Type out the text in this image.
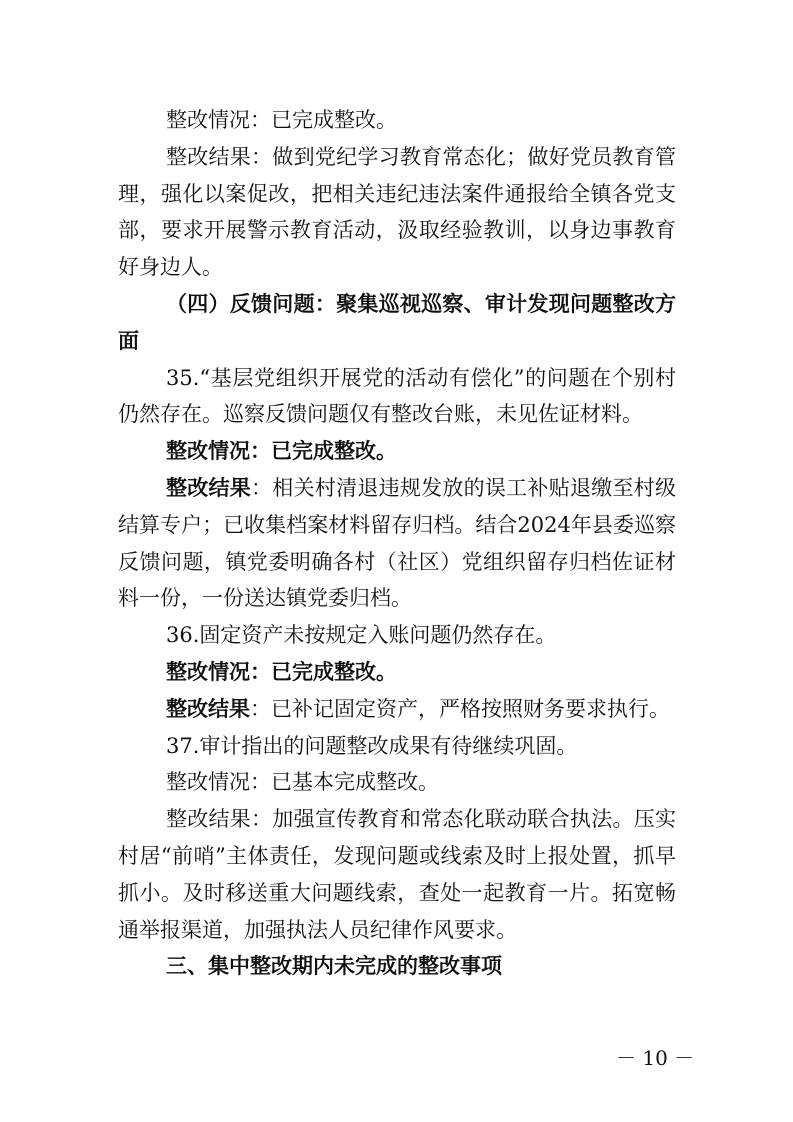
整改情况：已完成整改。

整改结果：做到党纪学习教育常态化；做好党员教育管理，强化以案促改，把相关违纪违法案件通报给全镇各党支部，要求开展警示教育活动，汲取经验教训，以身边事教育好身边人。

（四）反馈问题：聚集巡视巡察、审计发现问题整改方面

35.“基层党组织开展党的活动有偿化”的问题在个别村仍然存在。巡察反馈问题仅有整改台账，未见佐证材料。

整改情况：已完成整改。

整改结果：相关村清退违规发放的误工补贴退缴至村级结算专户；已收集档案材料留存归档。结合2024年县委巡察反馈问题，镇党委明确各村（社区）党组织留存归档佐证材料一份，一份送达镇党委归档。

36.固定资产未按规定入账问题仍然存在。

整改情况：已完成整改。

整改结果：已补记固定资产，严格按照财务要求执行。

37.审计指出的问题整改成果有待继续巩固。

整改情况：已基本完成整改。

整改结果：加强宣传教育和常态化联动联合执法。压实村居“前哨”主体责任，发现问题或线索及时上报处置，抓早抓小。及时移送重大问题线索，查处一起教育一片。拓宽畅通举报渠道，加强执法人员纪律作风要求。

三、集中整改期内未完成的整改事项

－ 10 －
